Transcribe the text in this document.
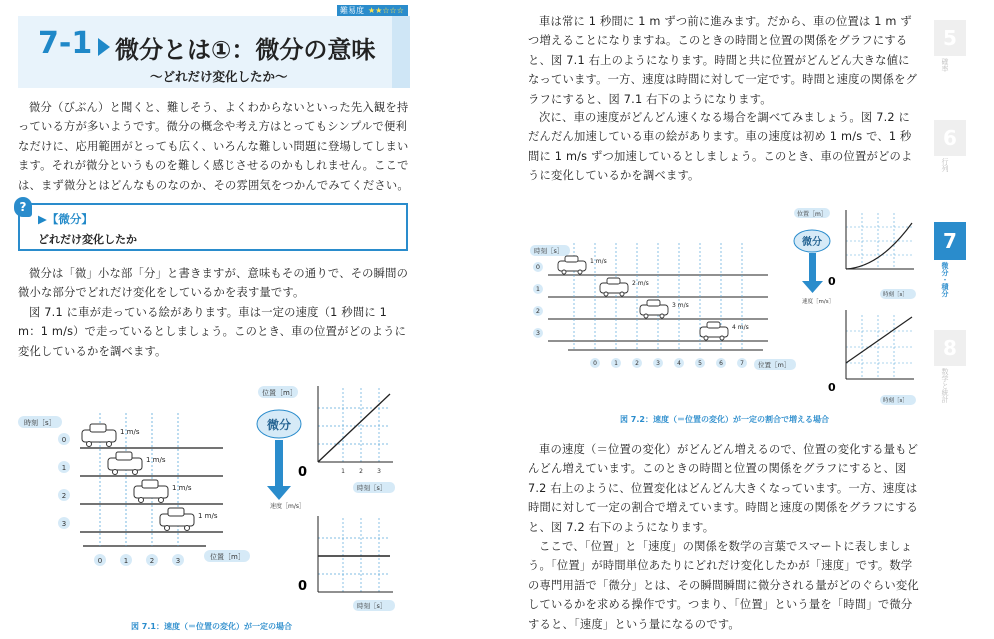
難易度 ★★☆☆☆
7-1 微分とは①：微分の意味
〜どれだけ変化したか〜

微分（びぶん）と聞くと、難しそう、よくわからないといった先入観を持っている方が多いようです。微分の概念や考え方はとってもシンプルで便利なだけに、応用範囲がとっても広く、いろんな難しい問題に登場してしまいます。それが微分というものを難しく感じさせるのかもしれません。ここでは、まず微分とはどんなものなのか、その雰囲気をつかんでみてください。

?
▶【微分】
どれだけ変化したか

微分は「微」小な部「分」と書きますが、意味もその通りで、その瞬間の微小な部分でどれだけ変化をしているかを表す量です。

図 7.1 に車が走っている絵があります。車は一定の速度（1 秒間に 1 m：1 m/s）で走っているとしましょう。このとき、車の位置がどのように変化しているかを調べます。

時刻［s］
0
1
2
3
1 m/s
1 m/s
1 m/s
1 m/s
0	1	2	3	位置［m］
位置［m］
微分
速度［m/s］
0	1 2 3
時刻［s］
0
時刻［s］
図 7.1：速度（＝位置の変化）が一定の場合

車は常に 1 秒間に 1 m ずつ前に進みます。だから、車の位置は 1 m ずつ増えることになりますね。このときの時間と位置の関係をグラフにすると、図 7.1 右上のようになります。時間と共に位置がどんどん大きな値になっています。一方、速度は時間に対して一定です。時間と速度の関係をグラフにすると、図 7.1 右下のようになります。

次に、車の速度がどんどん速くなる場合を調べてみましょう。図 7.2 にだんだん加速している車の絵があります。車の速度は初め 1 m/s で、1 秒間に 1 m/s ずつ加速しているとしましょう。このとき、車の位置がどのように変化しているかを調べます。

時刻［s］
0
1
2
3
1 m/s
2 m/s
3 m/s
4 m/s
0	1	2	3	4	5	6	7 位置［m］
位置［m］
微分
速度［m/s］
0
時刻［s］
0
時刻［s］
図 7.2：速度（＝位置の変化）が一定の割合で増える場合

車の速度（＝位置の変化）がどんどん増えるので、位置の変化する量もどんどん増えています。このときの時間と位置の関係をグラフにすると、図 7.2 右上のように、位置変化はどんどん大きくなっています。一方、速度は時間に対して一定の割合で増えています。時間と速度の関係をグラフにすると、図 7.2 右下のようになります。

ここで、「位置」と「速度」の関係を数学の言葉でスマートに表しましょう。「位置」が時間単位あたりにどれだけ変化したかが「速度」です。数学の専門用語で「微分」とは、その瞬間瞬間に微分される量がどのぐらい変化しているかを求める操作です。つまり、「位置」という量を「時間」で微分すると、「速度」という量になるのです。

5
確率
6
行列
7
微分・積分
8
数学と統計
